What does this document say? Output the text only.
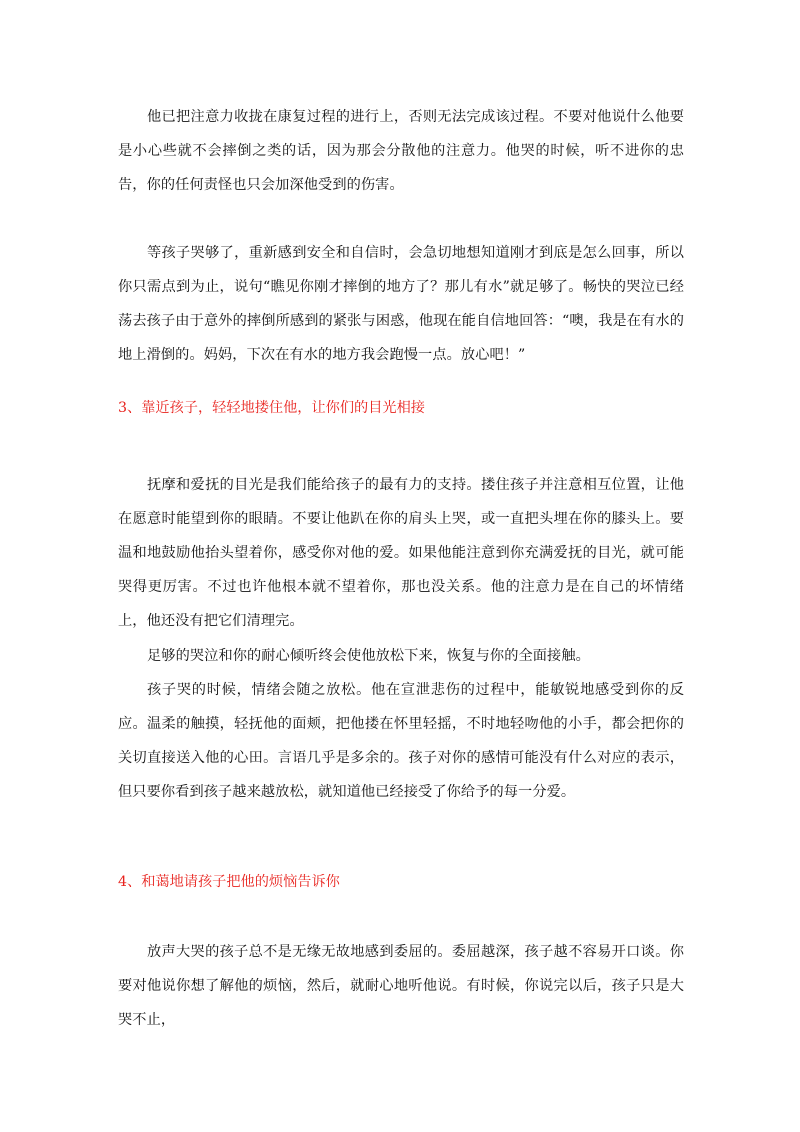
他已把注意力收拢在康复过程的进行上，否则无法完成该过程。不要对他说什么他要是小心些就不会摔倒之类的话，因为那会分散他的注意力。他哭的时候，听不进你的忠告，你的任何责怪也只会加深他受到的伤害。

等孩子哭够了，重新感到安全和自信时，会急切地想知道刚才到底是怎么回事，所以你只需点到为止，说句“瞧见你刚才摔倒的地方了？那儿有水”就足够了。畅快的哭泣已经荡去孩子由于意外的摔倒所感到的紧张与困惑，他现在能自信地回答：“噢，我是在有水的地上滑倒的。妈妈，下次在有水的地方我会跑慢一点。放心吧！”

3、靠近孩子，轻轻地搂住他，让你们的目光相接

抚摩和爱抚的目光是我们能给孩子的最有力的支持。搂住孩子并注意相互位置，让他在愿意时能望到你的眼睛。不要让他趴在你的肩头上哭，或一直把头埋在你的膝头上。要温和地鼓励他抬头望着你，感受你对他的爱。如果他能注意到你充满爱抚的目光，就可能哭得更厉害。不过也许他根本就不望着你，那也没关系。他的注意力是在自己的坏情绪上，他还没有把它们清理完。

足够的哭泣和你的耐心倾听终会使他放松下来，恢复与你的全面接触。

孩子哭的时候，情绪会随之放松。他在宣泄悲伤的过程中，能敏锐地感受到你的反应。温柔的触摸，轻抚他的面颊，把他搂在怀里轻摇，不时地轻吻他的小手，都会把你的关切直接送入他的心田。言语几乎是多余的。孩子对你的感情可能没有什么对应的表示，但只要你看到孩子越来越放松，就知道他已经接受了你给予的每一分爱。

4、和蔼地请孩子把他的烦恼告诉你

放声大哭的孩子总不是无缘无故地感到委屈的。委屈越深，孩子越不容易开口谈。你要对他说你想了解他的烦恼，然后，就耐心地听他说。有时候，你说完以后，孩子只是大哭不止，
